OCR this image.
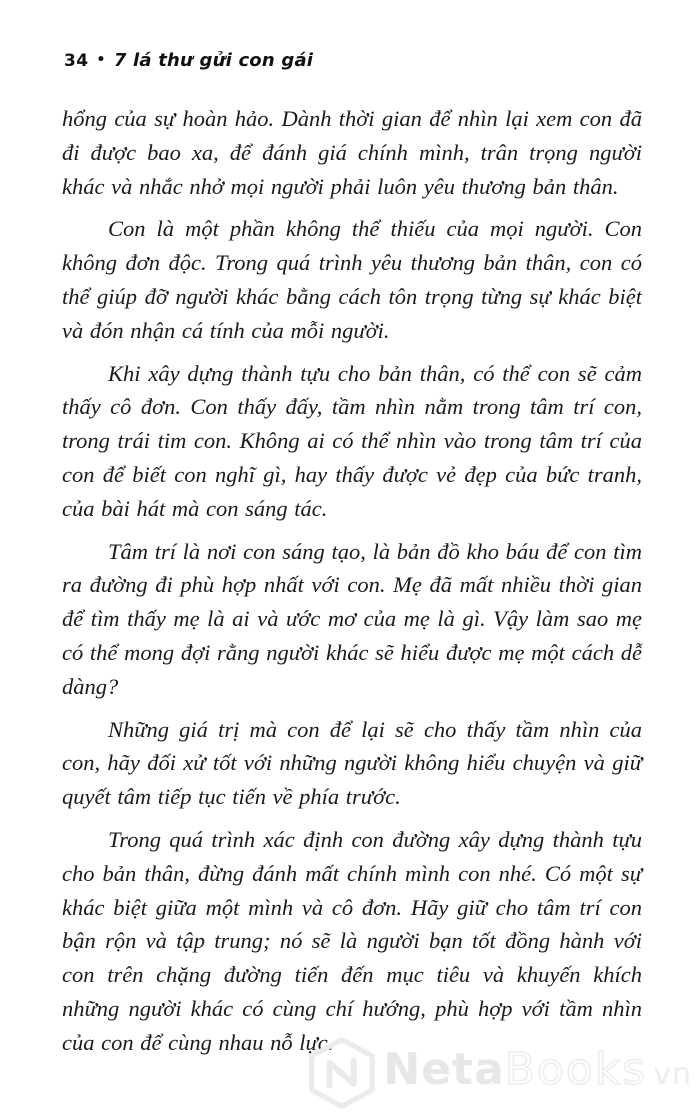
34 • 7 lá thư gửi con gái

hổng của sự hoàn hảo. Dành thời gian để nhìn lại xem con đã đi được bao xa, để đánh giá chính mình, trân trọng người khác và nhắc nhở mọi người phải luôn yêu thương bản thân.

Con là một phần không thể thiếu của mọi người. Con không đơn độc. Trong quá trình yêu thương bản thân, con có thể giúp đỡ người khác bằng cách tôn trọng từng sự khác biệt và đón nhận cá tính của mỗi người.

Khi xây dựng thành tựu cho bản thân, có thể con sẽ cảm thấy cô đơn. Con thấy đấy, tầm nhìn nằm trong tâm trí con, trong trái tim con. Không ai có thể nhìn vào trong tâm trí của con để biết con nghĩ gì, hay thấy được vẻ đẹp của bức tranh, của bài hát mà con sáng tác.

Tâm trí là nơi con sáng tạo, là bản đồ kho báu để con tìm ra đường đi phù hợp nhất với con. Mẹ đã mất nhiều thời gian để tìm thấy mẹ là ai và ước mơ của mẹ là gì. Vậy làm sao mẹ có thể mong đợi rằng người khác sẽ hiểu được mẹ một cách dễ dàng?

Những giá trị mà con để lại sẽ cho thấy tầm nhìn của con, hãy đối xử tốt với những người không hiểu chuyện và giữ quyết tâm tiếp tục tiến về phía trước.

Trong quá trình xác định con đường xây dựng thành tựu cho bản thân, đừng đánh mất chính mình con nhé. Có một sự khác biệt giữa một mình và cô đơn. Hãy giữ cho tâm trí con bận rộn và tập trung; nó sẽ là người bạn tốt đồng hành với con trên chặng đường tiến đến mục tiêu và khuyến khích những người khác có cùng chí hướng, phù hợp với tầm nhìn của con để cùng nhau nỗ lực.

NetaBooks vn
